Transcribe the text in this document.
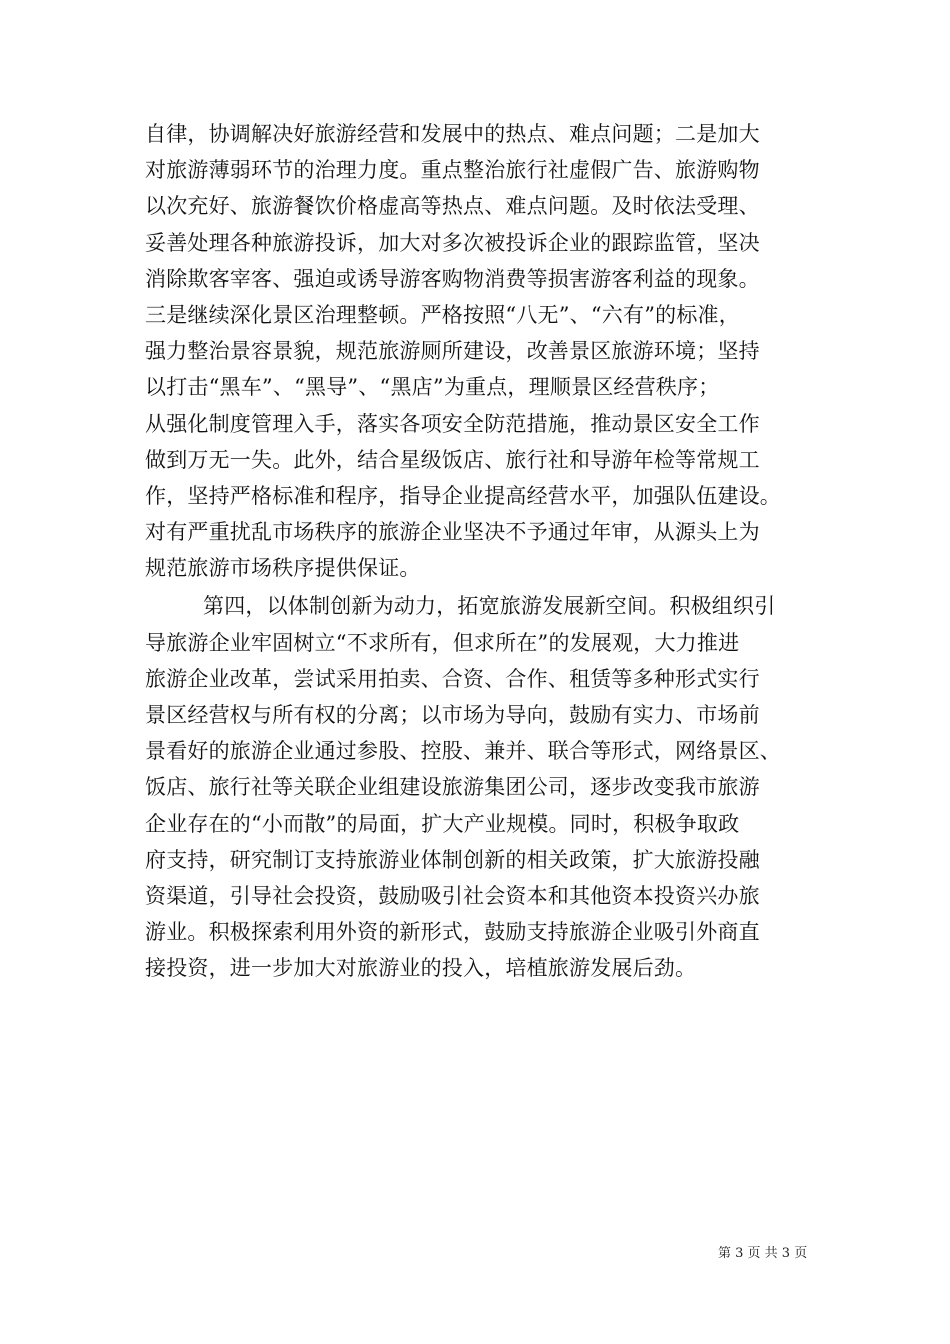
自律，协调解决好旅游经营和发展中的热点、难点问题；二是加大
对旅游薄弱环节的治理力度。重点整治旅行社虚假广告、旅游购物
以次充好、旅游餐饮价格虚高等热点、难点问题。及时依法受理、
妥善处理各种旅游投诉，加大对多次被投诉企业的跟踪监管，坚决
消除欺客宰客、强迫或诱导游客购物消费等损害游客利益的现象。
三是继续深化景区治理整顿。严格按照“八无”、“六有”的标准，
强力整治景容景貌，规范旅游厕所建设，改善景区旅游环境；坚持
以打击“黑车”、“黑导”、“黑店”为重点，理顺景区经营秩序；
从强化制度管理入手，落实各项安全防范措施，推动景区安全工作
做到万无一失。此外，结合星级饭店、旅行社和导游年检等常规工
作，坚持严格标准和程序，指导企业提高经营水平，加强队伍建设。
对有严重扰乱市场秩序的旅游企业坚决不予通过年审，从源头上为
规范旅游市场秩序提供保证。
第四，以体制创新为动力，拓宽旅游发展新空间。积极组织引
导旅游企业牢固树立“不求所有，但求所在”的发展观，大力推进
旅游企业改革，尝试采用拍卖、合资、合作、租赁等多种形式实行
景区经营权与所有权的分离；以市场为导向，鼓励有实力、市场前
景看好的旅游企业通过参股、控股、兼并、联合等形式，网络景区、
饭店、旅行社等关联企业组建设旅游集团公司，逐步改变我市旅游
企业存在的“小而散”的局面，扩大产业规模。同时，积极争取政
府支持，研究制订支持旅游业体制创新的相关政策，扩大旅游投融
资渠道，引导社会投资，鼓励吸引社会资本和其他资本投资兴办旅
游业。积极探索利用外资的新形式，鼓励支持旅游企业吸引外商直
接投资，进一步加大对旅游业的投入，培植旅游发展后劲。
第 3 页 共 3 页
